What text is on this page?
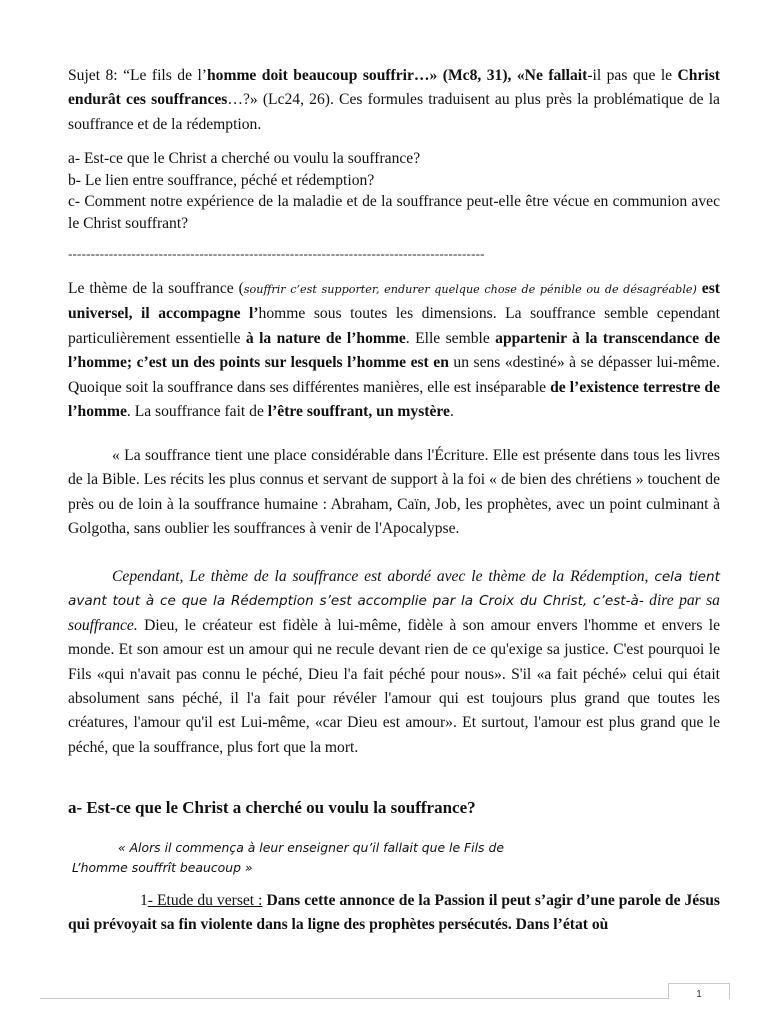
Sujet 8: “Le fils de l’homme doit beaucoup souffrir…» (Mc8, 31), «Ne fallait-il pas que le Christ endurât ces souffrances…?» (Lc24, 26). Ces formules traduisent au plus près la problématique de la souffrance et de la rédemption.

a- Est-ce que le Christ a cherché ou voulu la souffrance?

b- Le lien entre souffrance, péché et rédemption?

c- Comment notre expérience de la maladie et de la souffrance peut-elle être vécue en communion avec le Christ souffrant?

--------------------------------------------------------------------------------------------

Le thème de la souffrance (souffrir c’est supporter, endurer quelque chose de pénible ou de désagréable) est universel, il accompagne l’homme sous toutes les dimensions. La souffrance semble cependant particulièrement essentielle à la nature de l’homme. Elle semble appartenir à la transcendance de l’homme; c’est un des points sur lesquels l’homme est en un sens «destiné» à se dépasser lui-même. Quoique soit la souffrance dans ses différentes manières, elle est inséparable de l’existence terrestre de l’homme. La souffrance fait de l’être souffrant, un mystère.

« La souffrance tient une place considérable dans l'Écriture. Elle est présente dans tous les livres de la Bible. Les récits les plus connus et servant de support à la foi « de bien des chrétiens » touchent de près ou de loin à la souffrance humaine : Abraham, Caïn, Job, les prophètes, avec un point culminant à Golgotha, sans oublier les souffrances à venir de l'Apocalypse.

Cependant, Le thème de la souffrance est abordé avec le thème de la Rédemption, cela tient avant tout à ce que la Rédemption s’est accomplie par la Croix du Christ, c’est-à- dire par sa souffrance. Dieu, le créateur est fidèle à lui-même, fidèle à son amour envers l'homme et envers le monde. Et son amour est un amour qui ne recule devant rien de ce qu'exige sa justice. C'est pourquoi le Fils «qui n'avait pas connu le péché, Dieu l'a fait péché pour nous». S'il «a fait péché» celui qui était absolument sans péché, il l'a fait pour révéler l'amour qui est toujours plus grand que toutes les créatures, l'amour qu'il est Lui-même, «car Dieu est amour». Et surtout, l'amour est plus grand que le péché, que la souffrance, plus fort que la mort.

a- Est-ce que le Christ a cherché ou voulu la souffrance?
« Alors il commença à leur enseigner qu’il fallait que le Fils de
L’homme souffrît beaucoup »

1- Etude du verset : Dans cette annonce de la Passion il peut s’agir d’une parole de Jésus qui prévoyait sa fin violente dans la ligne des prophètes persécutés. Dans l’état où

1
